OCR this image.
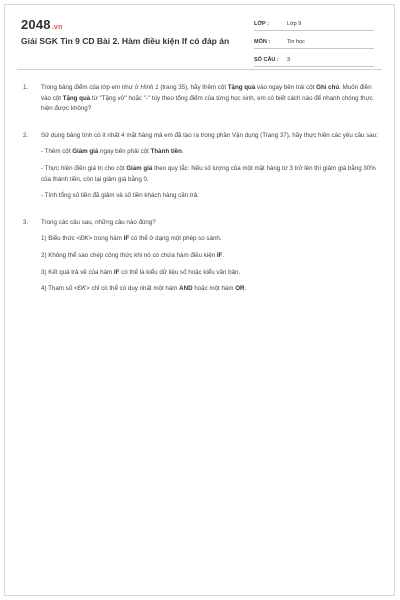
2048.vn
Giải SGK Tin 9 CD Bài 2. Hàm điều kiện If có đáp án
LỚP :	Lớp 9
MÔN :	Tin học
SỐ CÂU :	3
1. Trong bảng điểm của lớp em như ở Hình 1 (trang 35), hãy thêm cột Tặng quà vào ngay bên trái cột Ghi chú. Muốn điền vào cột Tặng quà từ "Tặng vở" hoặc "-" tùy theo tổng điểm của từng học sinh, em có biết cách nào để nhanh chóng thực hiện được không?
2. Sử dụng bảng tính có ít nhất 4 mặt hàng mà em đã tạo ra trong phần Vận dụng (Trang 37), hãy thực hiện các yêu cầu sau:
- Thêm cột Giảm giá ngay bên phải cột Thành tiền.
- Thực hiện điền giá trị cho cột Giảm giá theo quy tắc: Nếu số lượng của một mặt hàng từ 3 trở lên thì giảm giá bằng 30% của thành tiền, còn lại giảm giá bằng 0.
- Tính tổng số tiền đã giảm và số tiền khách hàng cần trả.
3. Trong các câu sau, những câu nào đúng?
1) Biểu thức <ĐK> trong hàm IF có thể ở dạng một phép so sánh.
2) Không thể sao chép công thức khi nó có chứa hàm điều kiện IF.
3) Kết quả trả về của hàm IF có thể là kiểu dữ liệu số hoặc kiểu văn bản.
4) Tham số <ĐK> chỉ có thể có duy nhất một hàm AND hoặc một hàm OR.
